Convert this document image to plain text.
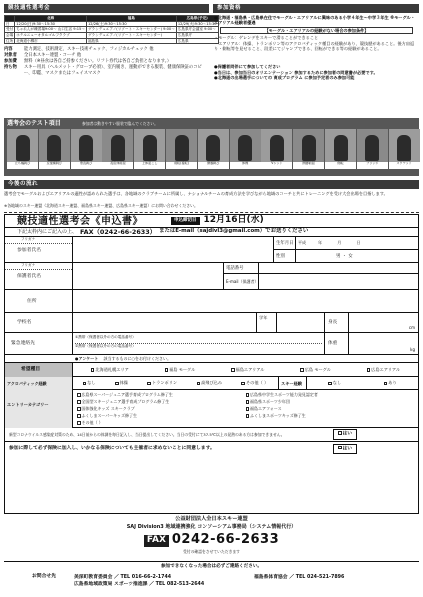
競技適性選考会
	北海	福島	広島県(予定)
日	12/20(日)9:30～15:30	12/26(土)9:30～15:30	12/29(火)9:30～15:30
受付	ちゃれんが練習場9:00～ 山口生活 9:15～	グランデュエアノ(リゾート・スキーセンター) 9:00～	広島県庁会議室 9:00～
会場	ホテルニューオタルゴルフクラブ	グランデュエアノ(リゾート・スキーセンター)	広島県庁
住所	北海道小樽市	福島県	広島県
内容	能力測定、技術測定、スキー技術チェック、フィジカルチェック 他
対象者	全日本スキー連盟・コーチ 他
参加費	無料（※昼食は各自ご持参ください。リフト券代は各自ご負担となります。）
持ち物	スキー用具（ヘルメット・グローブ必須）、室内履き、運動ができる服装、健康保険証のコピー、印鑑、マスクまたはフェイスマスク
参加資格
●北海道・福島県・広島県在住でモーグル・エアリアルに興味のある小学４年生〜中学３年生 ※モーグル・エアリアル経験者優遇
【モーグル・エアリアルの経験がない場合の参加条件】
・モーグル：ゲレンデをスキーで滑ることができること
・エアリアル：体操、トランポリン等のアクロバティック種目の経験があり、競技歴があること。後方宙返り・側転等を見せること、段差にてジャンプできる、回転ができる等の経験があること。
●保護者同伴にて参加してください
●当日は、参加当日のオリエンテーション 参加するために参加者の同意書が必要です。
●北海道の出場選手についての 育成プログラム に参加予定者のみ参加可能
選考会のテスト項目	参加者は動きやすい服装で臨んでください。
立ち幅跳び	反復横跳び	垂直跳び	長座体前屈	上体起こし	前転(後転)	開脚跳び	体操	Vシット	開脚前屈	側転	ブリッジ	スクワット
今後の流れ
選考会でモーグルおよびエアリアルの適性が認められた選手は、各地域のクラブチームに所属し、ナショナルチームの育成方法を学びながら地域のコーチと共にトレーニングを受け大会出場を目指します。
※各地域のスキー連盟（北海道スキー連盟、福島県スキー連盟、広島県スキー連盟）にお問い合わせください。
競技適性選考会《申込書》	申込締切日 12月16日(水)
下記太枠内にご記入の上、 FAX（0242-66-2633） またはE-mail（sajdivl3@gmail.com）でお送りください
フリガナ
参加者氏名
生年月日	平成	年 月 日
性別	男 ・ 女
フリガナ
保護者氏名
電話番号
E-mail（保護者）
住所
学校名
学年
身長
cm
緊急連絡先
①携帯（保護者以外の方の電話番号）
②携帯（保護者以外の方の電話番号）	体重
kg
●アンケート 該当するものに○をお付けください。
希望種目	北海道札幌エリア	福島 モーグル	福島エアリアル	広島 モーグル	広島エアリアル
アクロバティック経験	なし	体操	トランポリン	高飛び込み	その他（ ）	スキー経験	なし	あり
エントリーカテゴリー
広島県スーパージュニア選手育成プログラム修了生	広島県中学生スポーツ能力発見認定者
全国型スキージュニア選手育成プログラム修了生	福島県スポーツ少年団
国体強化キッズ スキークラブ	福島エアフォース
ふくしまスーパーキッズ修了生	ふくしまスポーツキッズ修了生
その他（ ）
新型コロナウイルス感染症対策のため、14日前からの体調を毎日記入し、当日提出してください。当日の受付にて37.5℃以上の発熱のある方は参加できません。	はい
参加に際して必ず保険に加入し、いかなる保険についても主催者に求めないことに同意します。	はい
公益財団法人全日本スキー連盟
SAJ Division3 地域連携強化 コンソーシアム事務局（システム情報代行）
FAX 0242-66-2633
受付の確認をさせていただきます
参加できなくなった場合は必ずご連絡ください。
お問合せ先	美深町教育委員会 ／ TEL 016-66-2-1744	福島県体育協会 ／ TEL 024-521-7896
広島県地域政策局 スポーツ推進課 ／ TEL 082-513-2644
